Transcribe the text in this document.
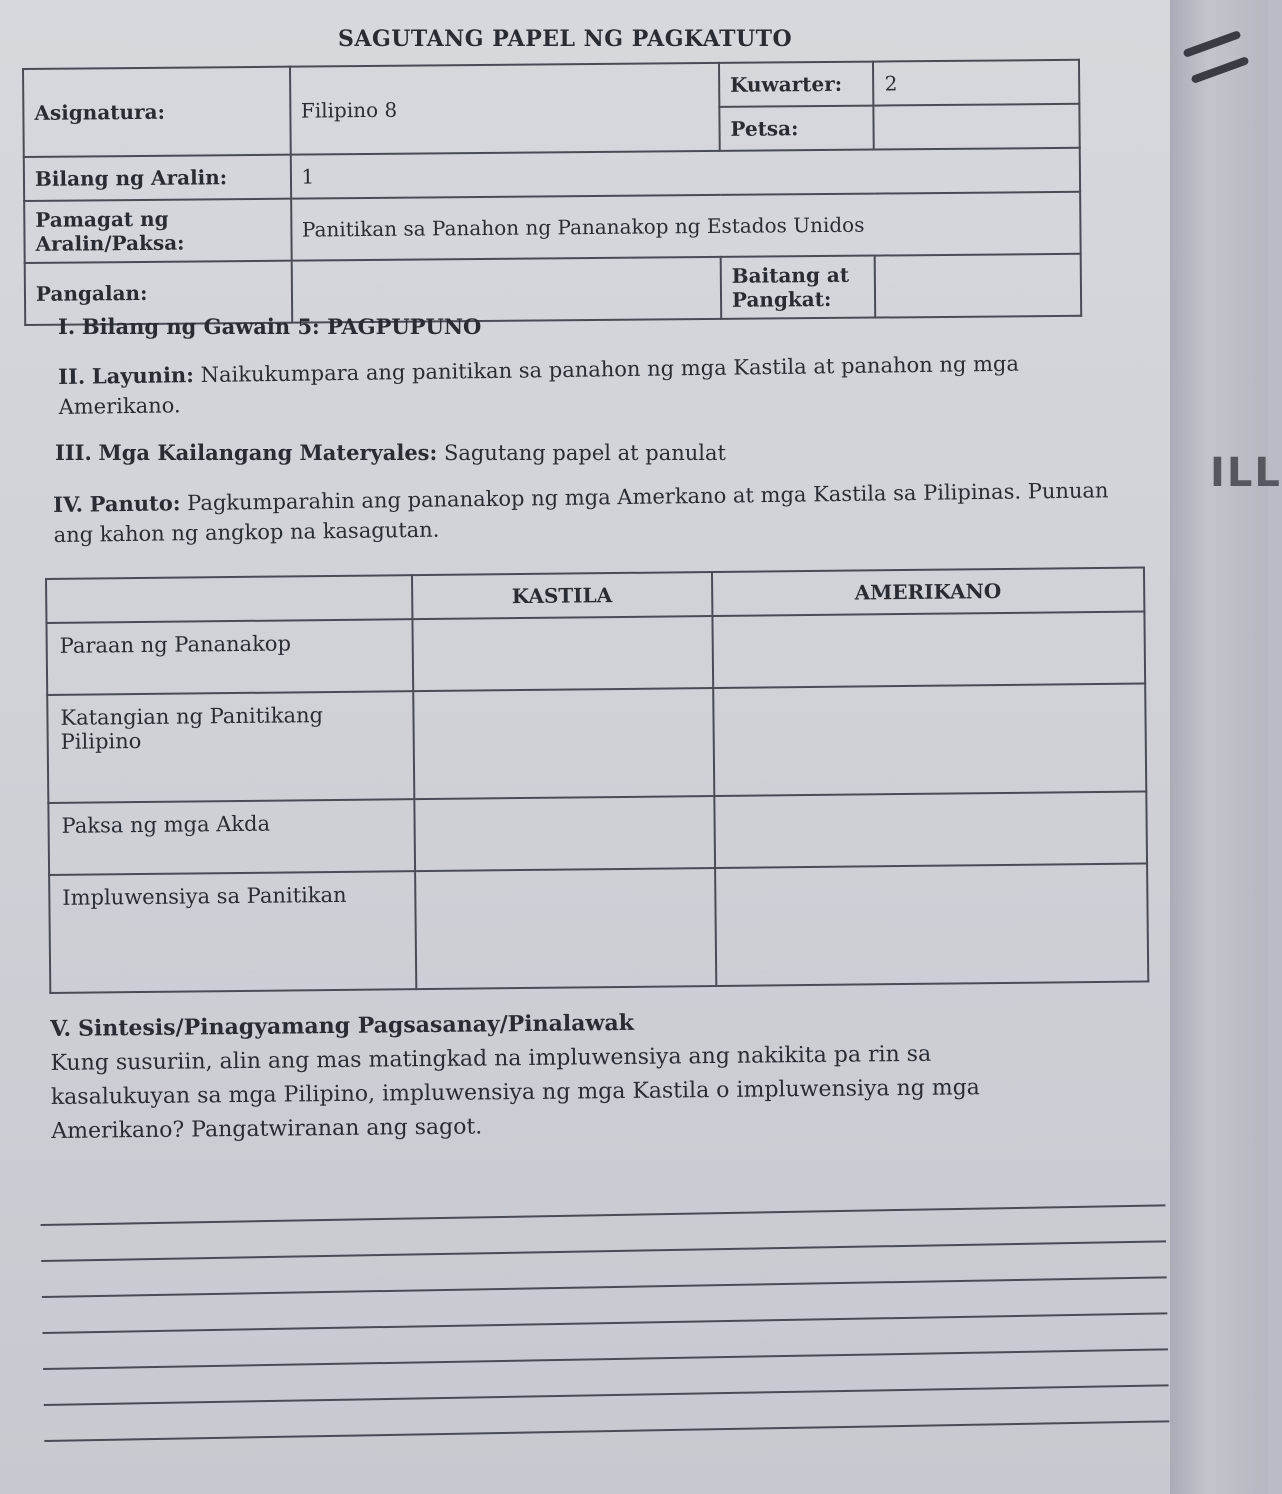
SAGUTANG PAPEL NG PAGKATUTO
Asignatura:	Filipino 8	Kuwarter:	2
		Petsa:	
Bilang ng Aralin:	1		
Pamagat ng Aralin/Paksa:	Panitikan sa Panahon ng Pananakop ng Estados Unidos		
Pangalan:		Baitang at Pangkat:	
I. Bilang ng Gawain 5: PAGPUPUNO
II. Layunin: Naikukumpara ang panitikan sa panahon ng mga Kastila at panahon ng mga Amerikano.
III. Mga Kailangang Materyales: Sagutang papel at panulat
IV. Panuto: Pagkumparahin ang pananakop ng mga Amerkano at mga Kastila sa Pilipinas. Punuan ang kahon ng angkop na kasagutan.
	KASTILA	AMERIKANO
Paraan ng Pananakop		
Katangian ng Panitikang Pilipino		
Paksa ng mga Akda		
Impluwensiya sa Panitikan		
V. Sintesis/Pinagyamang Pagsasanay/Pinalawak
Kung susuriin, alin ang mas matingkad na impluwensiya ang nakikita pa rin sa kasalukuyan sa mga Pilipino, impluwensiya ng mga Kastila o impluwensiya ng mga Amerikano? Pangatwiranan ang sagot.
ILL
